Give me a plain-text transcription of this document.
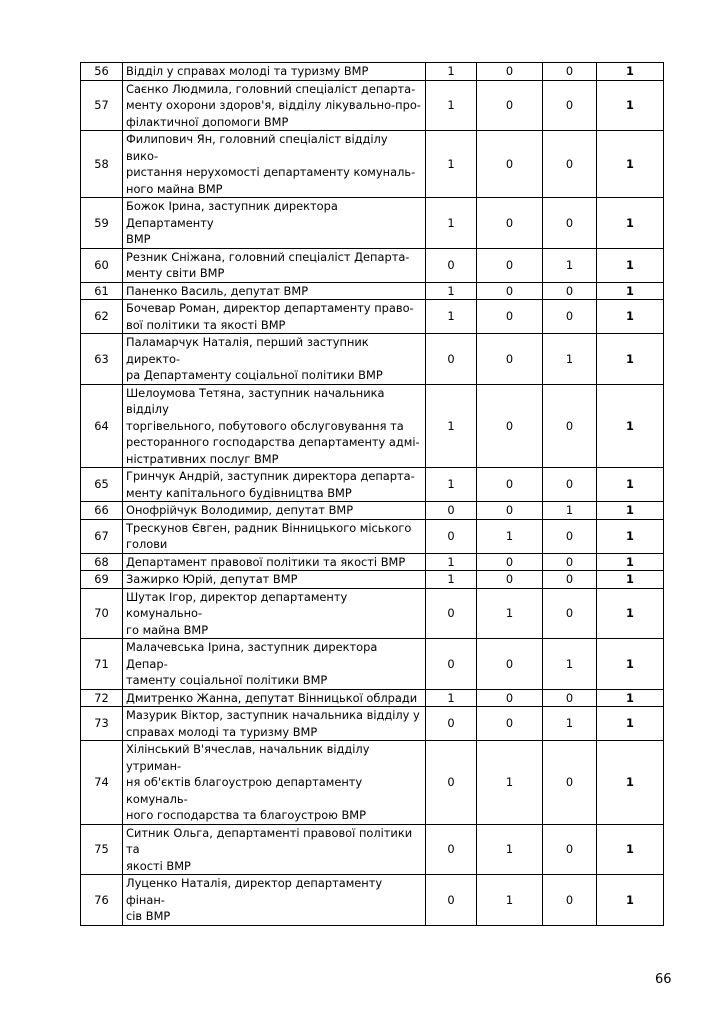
56	Відділ у справах молоді та туризму ВМР	1	0	0	1
57	Саєнко Людмила, головний спеціаліст департа-
менту охорони здоров'я, відділу лікувально-про-
філактичної допомоги ВМР	1	0	0	1
58	Филипович Ян, головний спеціаліст відділу вико-
ристання нерухомості департаменту комуналь-
ного майна ВМР	1	0	0	1
59	Божок Ірина, заступник директора Департаменту
ВМР	1	0	0	1
60	Резник Сніжана, головний спеціаліст Департа-
менту світи ВМР	0	0	1	1
61	Паненко Василь, депутат ВМР	1	0	0	1
62	Бочевар Роман, директор департаменту право-
вої політики та якості ВМР	1	0	0	1
63	Паламарчук Наталія, перший заступник директо-
ра Департаменту соціальної політики ВМР	0	0	1	1
64	Шелоумова Тетяна, заступник начальника відділу
торгівельного, побутового обслуговування та
ресторанного господарства департаменту адмі-
ністративних послуг ВМР	1	0	0	1
65	Гринчук Андрій, заступник директора департа-
менту капітального будівництва ВМР	1	0	0	1
66	Онофрійчук Володимир, депутат ВМР	0	0	1	1
67	Трескунов Євген, радник Вінницького міського
голови	0	1	0	1
68	Департамент правової політики та якості ВМР	1	0	0	1
69	Зажирко Юрій, депутат ВМР	1	0	0	1
70	Шутак Ігор, директор департаменту комунально-
го майна ВМР	0	1	0	1
71	Малачевська Ірина, заступник директора Депар-
таменту соціальної політики ВМР	0	0	1	1
72	Дмитренко Жанна, депутат Вінницької облради	1	0	0	1
73	Мазурик Віктор, заступник начальника відділу у
справах молоді та туризму ВМР	0	0	1	1
74	Хілінський В'ячеслав, начальник відділу утриман-
ня об'єктів благоустрою департаменту комуналь-
ного господарства та благоустрою ВМР	0	1	0	1
75	Ситник Ольга, департаменті правової політики та
якості ВМР	0	1	0	1
76	Луценко Наталія, директор департаменту фінан-
сів ВМР	0	1	0	1
66
